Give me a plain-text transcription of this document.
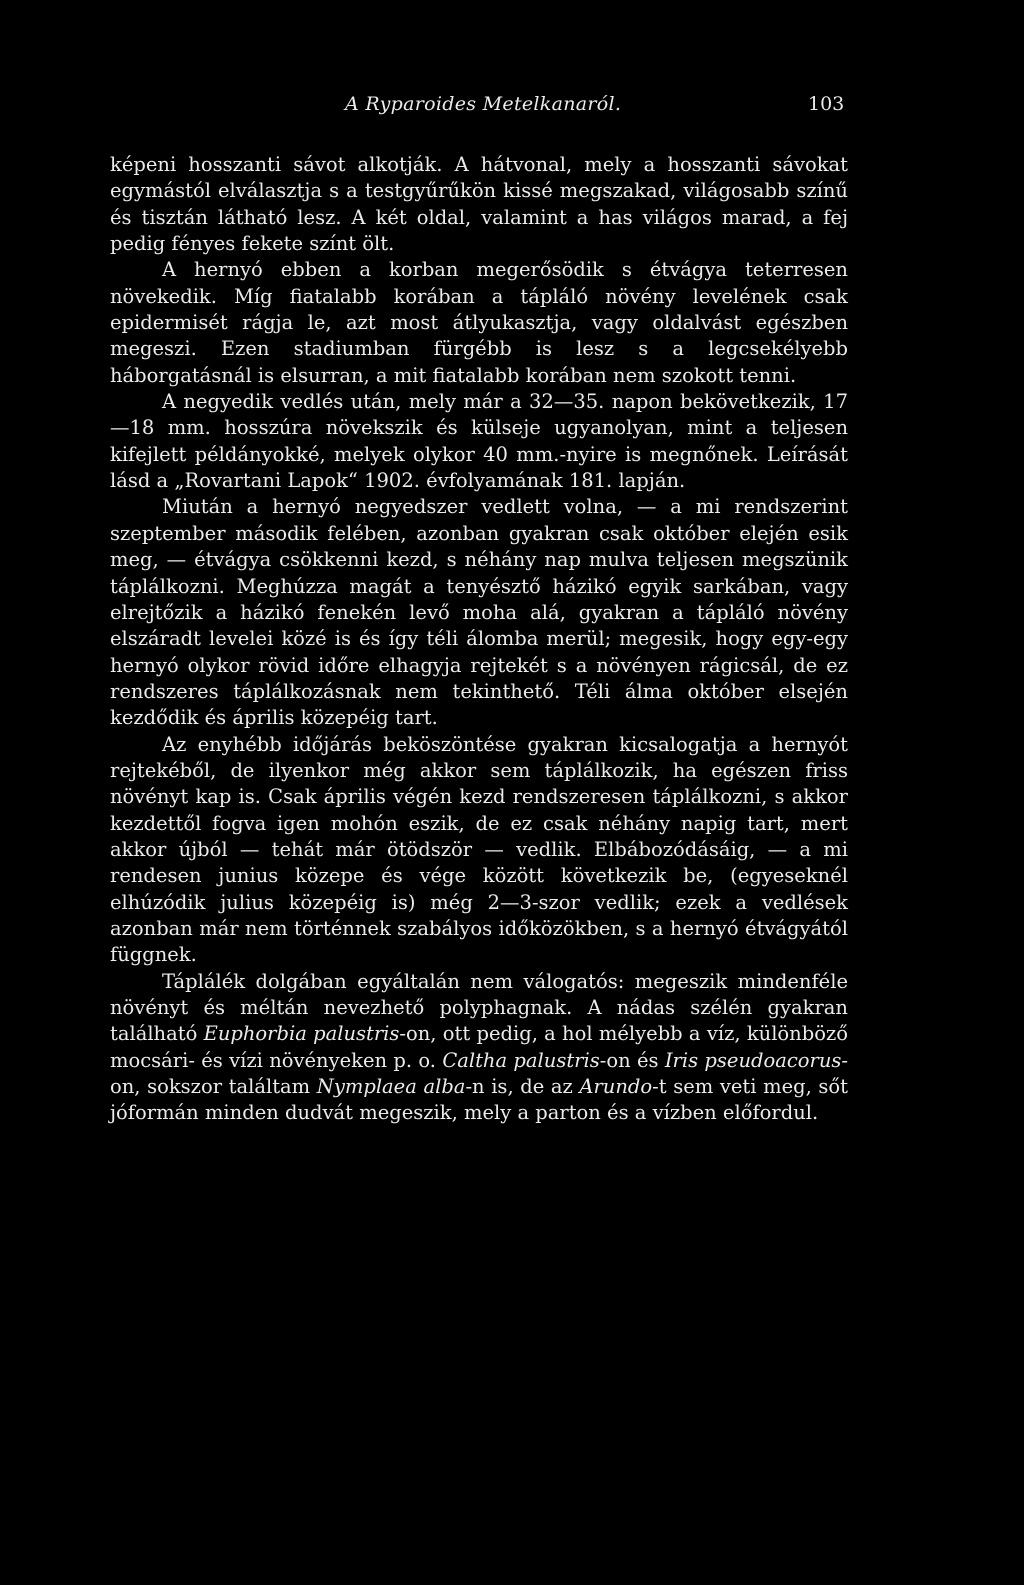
A Ryparoides Metelkanaról.	103

képeni hosszanti sávot alkotják. A hátvonal, mely a hosszanti sávokat egymástól elválasztja s a testgyűrűkön kissé megszakad, világosabb színű és tisztán látható lesz. A két oldal, valamint a has világos marad, a fej pedig fényes fekete színt ölt.

A hernyó ebben a korban megerősödik s étvágya teterresen növekedik. Míg fiatalabb korában a tápláló növény levelének csak epidermisét rágja le, azt most átlyukasztja, vagy oldalvást egészben megeszi. Ezen stadiumban fürgébb is lesz s a legcsekélyebb háborgatásnál is elsurran, a mit fiatalabb korában nem szokott tenni.

A negyedik vedlés után, mely már a 32—35. napon bekövetkezik, 17—18 mm. hosszúra növekszik és külseje ugyanolyan, mint a teljesen kifejlett példányokké, melyek olykor 40 mm.-nyire is megnőnek. Leírását lásd a „Rovartani Lapok“ 1902. évfolyamának 181. lapján.

Miután a hernyó negyedszer vedlett volna, — a mi rendszerint szeptember második felében, azonban gyakran csak október elején esik meg, — étvágya csökkenni kezd, s néhány nap mulva teljesen megszünik táplálkozni. Meghúzza magát a tenyésztő házikó egyik sarkában, vagy elrejtőzik a házikó fenekén levő moha alá, gyakran a tápláló növény elszáradt levelei közé is és így téli álomba merül; megesik, hogy egy-egy hernyó olykor rövid időre elhagyja rejtekét s a növényen rágicsál, de ez rendszeres táplálkozásnak nem tekinthető. Téli álma október elsején kezdődik és április közepéig tart.

Az enyhébb időjárás beköszöntése gyakran kicsalogatja a hernyót rejtekéből, de ilyenkor még akkor sem táplálkozik, ha egészen friss növényt kap is. Csak április végén kezd rendszeresen táplálkozni, s akkor kezdettől fogva igen mohón eszik, de ez csak néhány napig tart, mert akkor újból — tehát már ötödször — vedlik. Elbábozódásáig, — a mi rendesen junius közepe és vége között következik be, (egyeseknél elhúzódik julius közepéig is) még 2—3-szor vedlik; ezek a vedlések azonban már nem történnek szabályos időközökben, s a hernyó étvágyától függnek.

Táplálék dolgában egyáltalán nem válogatós: megeszik mindenféle növényt és méltán nevezhető polyphagnak. A nádas szélén gyakran található Euphorbia palustris-on, ott pedig, a hol mélyebb a víz, különböző mocsári- és vízi növényeken p. o. Caltha palustris-on és Iris pseudoacorus-on, sokszor találtam Nymplaea alba-n is, de az Arundo-t sem veti meg, sőt jóformán minden dudvát megeszik, mely a parton és a vízben előfordul.
